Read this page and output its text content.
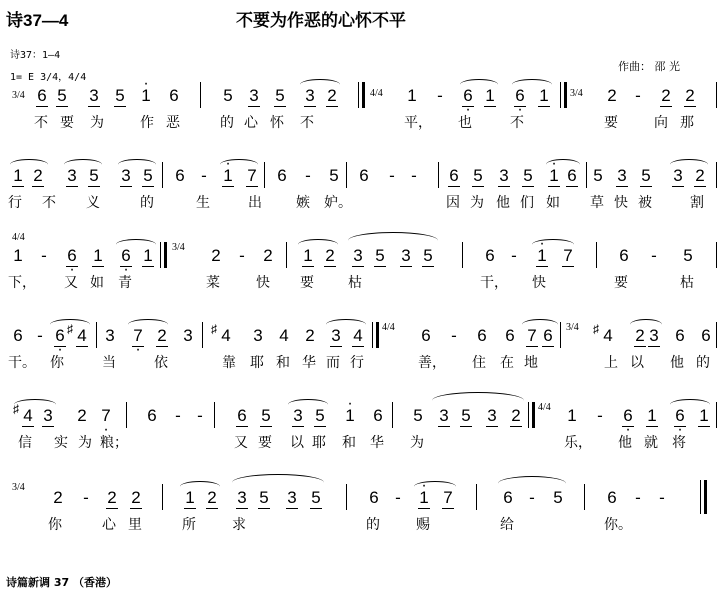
诗37—4	不要为作恶的心怀不平
诗37：1—4
1= E 3/4，4/4
作曲： 邵 光
3/4 6 5 3 5 · 1 6	5 3 5 3 2	4/4 1	-	· 6 1 · 6 1	3/4 2	-	2 2
不 要 为	作 恶	的 心 怀 不	平， 也	不	要	向 那
1 2 3 5 3 5 6 - · 1 7 6	-	5 6	- -	6 5 3 5 · 1 6 5 3 5 3 2
行 不 义	的	生	出 嫉 妒。	因 为 他 们 如 草 快 被	割
4/4
1	-	· 6 1 · 6 1	3/4 2	-	2 1 2 3 5 3 5	6 -	· 1 7	6	-	5
下， 又 如 青	菜	快 要 枯	干， 快	要	枯
6 - · 6 ♯ 4 3 · 7 2 3 ♯ 4 3 4 2 3 4	4/4 6	-	6 6 7 6	3/4 ♯ 4 2 3 6 6
干。 你	当	依	靠 耶 和 华 而 行	善， 住 在 地	上 以 他 的
♯ 4 3 2 · 7 6	- -	6 5 3 5 · 1 6 5 3 5 3 2	4/4 1	-	· 6 1 · 6 1
信 实 为 粮；	又 要 以 耶 和 华 为	乐， 他 就 将
3/4
2	-	2 2	1 2 3 5 3 5	6 -	· 1 7	6 -	5	6	-	-
你	心 里	所	求	的	赐	给	你。
诗篇新调 37 （香港）
